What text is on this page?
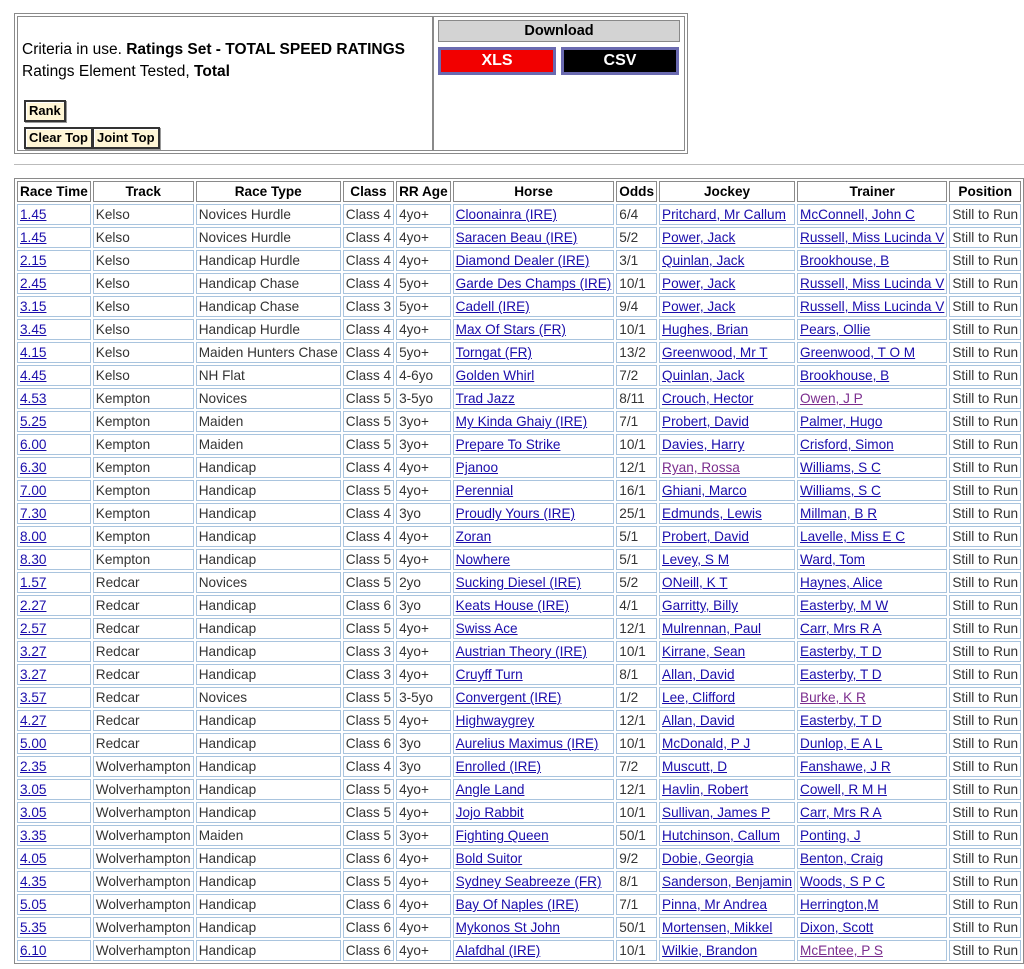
Criteria in use. Ratings Set - TOTAL SPEED RATINGS
Ratings Element Tested, Total
Rank
Clear Top Joint Top
Download
XLS	CSV
Race Time	Track	Race Type	Class	RR Age	Horse	Odds	Jockey	Trainer	Position
1.45	Kelso	Novices Hurdle	Class 4	4yo+	Cloonainra (IRE)	6/4	Pritchard, Mr Callum	McConnell, John C	Still to Run
1.45	Kelso	Novices Hurdle	Class 4	4yo+	Saracen Beau (IRE)	5/2	Power, Jack	Russell, Miss Lucinda V	Still to Run
2.15	Kelso	Handicap Hurdle	Class 4	4yo+	Diamond Dealer (IRE)	3/1	Quinlan, Jack	Brookhouse, B	Still to Run
2.45	Kelso	Handicap Chase	Class 4	5yo+	Garde Des Champs (IRE)	10/1	Power, Jack	Russell, Miss Lucinda V	Still to Run
3.15	Kelso	Handicap Chase	Class 3	5yo+	Cadell (IRE)	9/4	Power, Jack	Russell, Miss Lucinda V	Still to Run
3.45	Kelso	Handicap Hurdle	Class 4	4yo+	Max Of Stars (FR)	10/1	Hughes, Brian	Pears, Ollie	Still to Run
4.15	Kelso	Maiden Hunters Chase	Class 4	5yo+	Torngat (FR)	13/2	Greenwood, Mr T	Greenwood, T O M	Still to Run
4.45	Kelso	NH Flat	Class 4	4-6yo	Golden Whirl	7/2	Quinlan, Jack	Brookhouse, B	Still to Run
4.53	Kempton	Novices	Class 5	3-5yo	Trad Jazz	8/11	Crouch, Hector	Owen, J P	Still to Run
5.25	Kempton	Maiden	Class 5	3yo+	My Kinda Ghaiy (IRE)	7/1	Probert, David	Palmer, Hugo	Still to Run
6.00	Kempton	Maiden	Class 5	3yo+	Prepare To Strike	10/1	Davies, Harry	Crisford, Simon	Still to Run
6.30	Kempton	Handicap	Class 4	4yo+	Pjanoo	12/1	Ryan, Rossa	Williams, S C	Still to Run
7.00	Kempton	Handicap	Class 5	4yo+	Perennial	16/1	Ghiani, Marco	Williams, S C	Still to Run
7.30	Kempton	Handicap	Class 4	3yo	Proudly Yours (IRE)	25/1	Edmunds, Lewis	Millman, B R	Still to Run
8.00	Kempton	Handicap	Class 4	4yo+	Zoran	5/1	Probert, David	Lavelle, Miss E C	Still to Run
8.30	Kempton	Handicap	Class 5	4yo+	Nowhere	5/1	Levey, S M	Ward, Tom	Still to Run
1.57	Redcar	Novices	Class 5	2yo	Sucking Diesel (IRE)	5/2	ONeill, K T	Haynes, Alice	Still to Run
2.27	Redcar	Handicap	Class 6	3yo	Keats House (IRE)	4/1	Garritty, Billy	Easterby, M W	Still to Run
2.57	Redcar	Handicap	Class 5	4yo+	Swiss Ace	12/1	Mulrennan, Paul	Carr, Mrs R A	Still to Run
3.27	Redcar	Handicap	Class 3	4yo+	Austrian Theory (IRE)	10/1	Kirrane, Sean	Easterby, T D	Still to Run
3.27	Redcar	Handicap	Class 3	4yo+	Cruyff Turn	8/1	Allan, David	Easterby, T D	Still to Run
3.57	Redcar	Novices	Class 5	3-5yo	Convergent (IRE)	1/2	Lee, Clifford	Burke, K R	Still to Run
4.27	Redcar	Handicap	Class 5	4yo+	Highwaygrey	12/1	Allan, David	Easterby, T D	Still to Run
5.00	Redcar	Handicap	Class 6	3yo	Aurelius Maximus (IRE)	10/1	McDonald, P J	Dunlop, E A L	Still to Run
2.35	Wolverhampton	Handicap	Class 4	3yo	Enrolled (IRE)	7/2	Muscutt, D	Fanshawe, J R	Still to Run
3.05	Wolverhampton	Handicap	Class 5	4yo+	Angle Land	12/1	Havlin, Robert	Cowell, R M H	Still to Run
3.05	Wolverhampton	Handicap	Class 5	4yo+	Jojo Rabbit	10/1	Sullivan, James P	Carr, Mrs R A	Still to Run
3.35	Wolverhampton	Maiden	Class 5	3yo+	Fighting Queen	50/1	Hutchinson, Callum	Ponting, J	Still to Run
4.05	Wolverhampton	Handicap	Class 6	4yo+	Bold Suitor	9/2	Dobie, Georgia	Benton, Craig	Still to Run
4.35	Wolverhampton	Handicap	Class 5	4yo+	Sydney Seabreeze (FR)	8/1	Sanderson, Benjamin	Woods, S P C	Still to Run
5.05	Wolverhampton	Handicap	Class 6	4yo+	Bay Of Naples (IRE)	7/1	Pinna, Mr Andrea	Herrington,M	Still to Run
5.35	Wolverhampton	Handicap	Class 6	4yo+	Mykonos St John	50/1	Mortensen, Mikkel	Dixon, Scott	Still to Run
6.10	Wolverhampton	Handicap	Class 6	4yo+	Alafdhal (IRE)	10/1	Wilkie, Brandon	McEntee, P S	Still to Run
